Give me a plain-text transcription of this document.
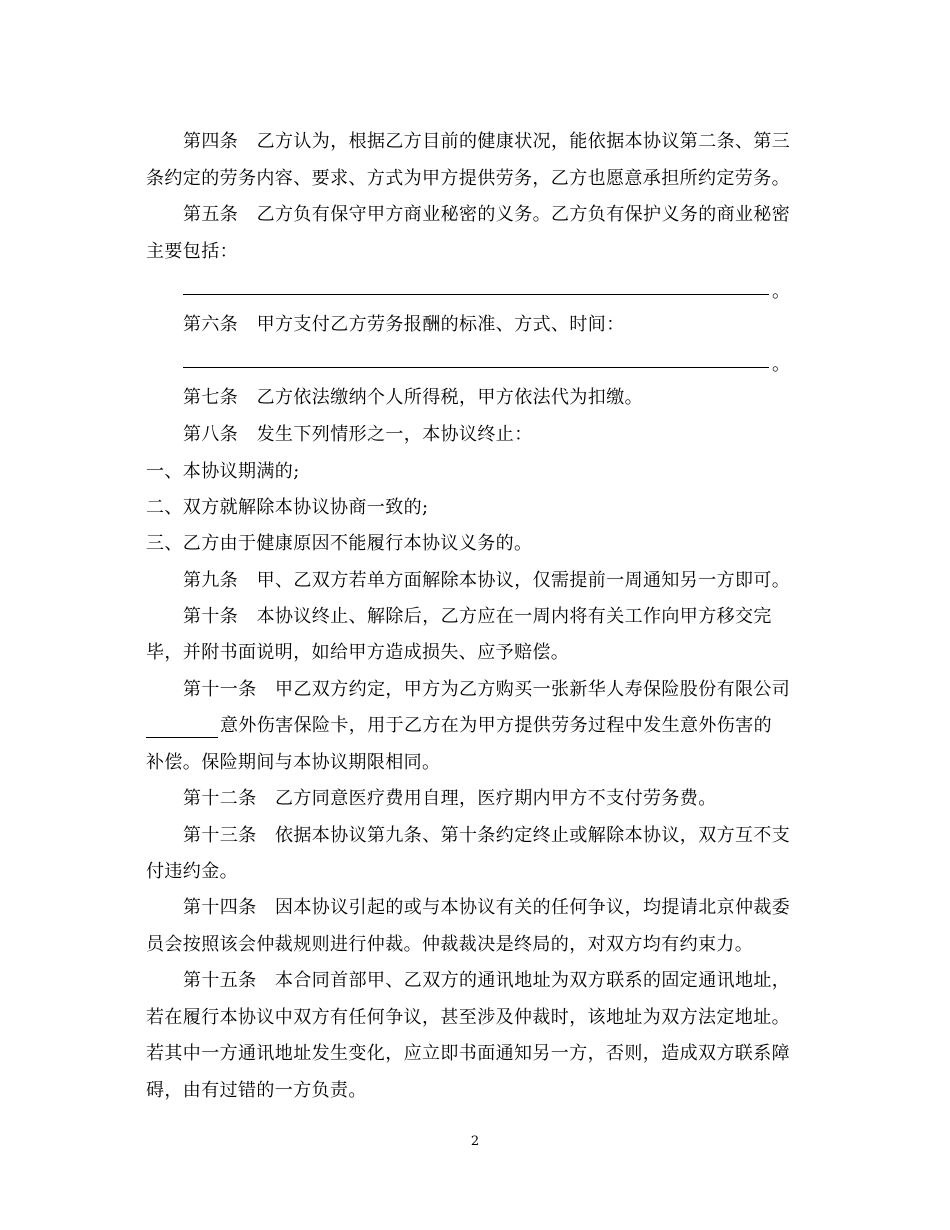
第四条　乙方认为，根据乙方目前的健康状况，能依据本协议第二条、第三
条约定的劳务内容、要求、方式为甲方提供劳务，乙方也愿意承担所约定劳务。
第五条　乙方负有保守甲方商业秘密的义务。乙方负有保护义务的商业秘密
主要包括：
。
第六条　甲方支付乙方劳务报酬的标准、方式、时间：
。
第七条　乙方依法缴纳个人所得税，甲方依法代为扣缴。
第八条　发生下列情形之一，本协议终止：
一、本协议期满的;
二、双方就解除本协议协商一致的;
三、乙方由于健康原因不能履行本协议义务的。
第九条　甲、乙双方若单方面解除本协议，仅需提前一周通知另一方即可。
第十条　本协议终止、解除后，乙方应在一周内将有关工作向甲方移交完
毕，并附书面说明，如给甲方造成损失、应予赔偿。
第十一条　甲乙双方约定，甲方为乙方购买一张新华人寿保险股份有限公司
意外伤害保险卡，用于乙方在为甲方提供劳务过程中发生意外伤害的
补偿。保险期间与本协议期限相同。
第十二条　乙方同意医疗费用自理，医疗期内甲方不支付劳务费。
第十三条　依据本协议第九条、第十条约定终止或解除本协议，双方互不支
付违约金。
第十四条　因本协议引起的或与本协议有关的任何争议，均提请北京仲裁委
员会按照该会仲裁规则进行仲裁。仲裁裁决是终局的，对双方均有约束力。
第十五条　本合同首部甲、乙双方的通讯地址为双方联系的固定通讯地址，
若在履行本协议中双方有任何争议，甚至涉及仲裁时，该地址为双方法定地址。
若其中一方通讯地址发生变化，应立即书面通知另一方，否则，造成双方联系障
碍，由有过错的一方负责。
2
